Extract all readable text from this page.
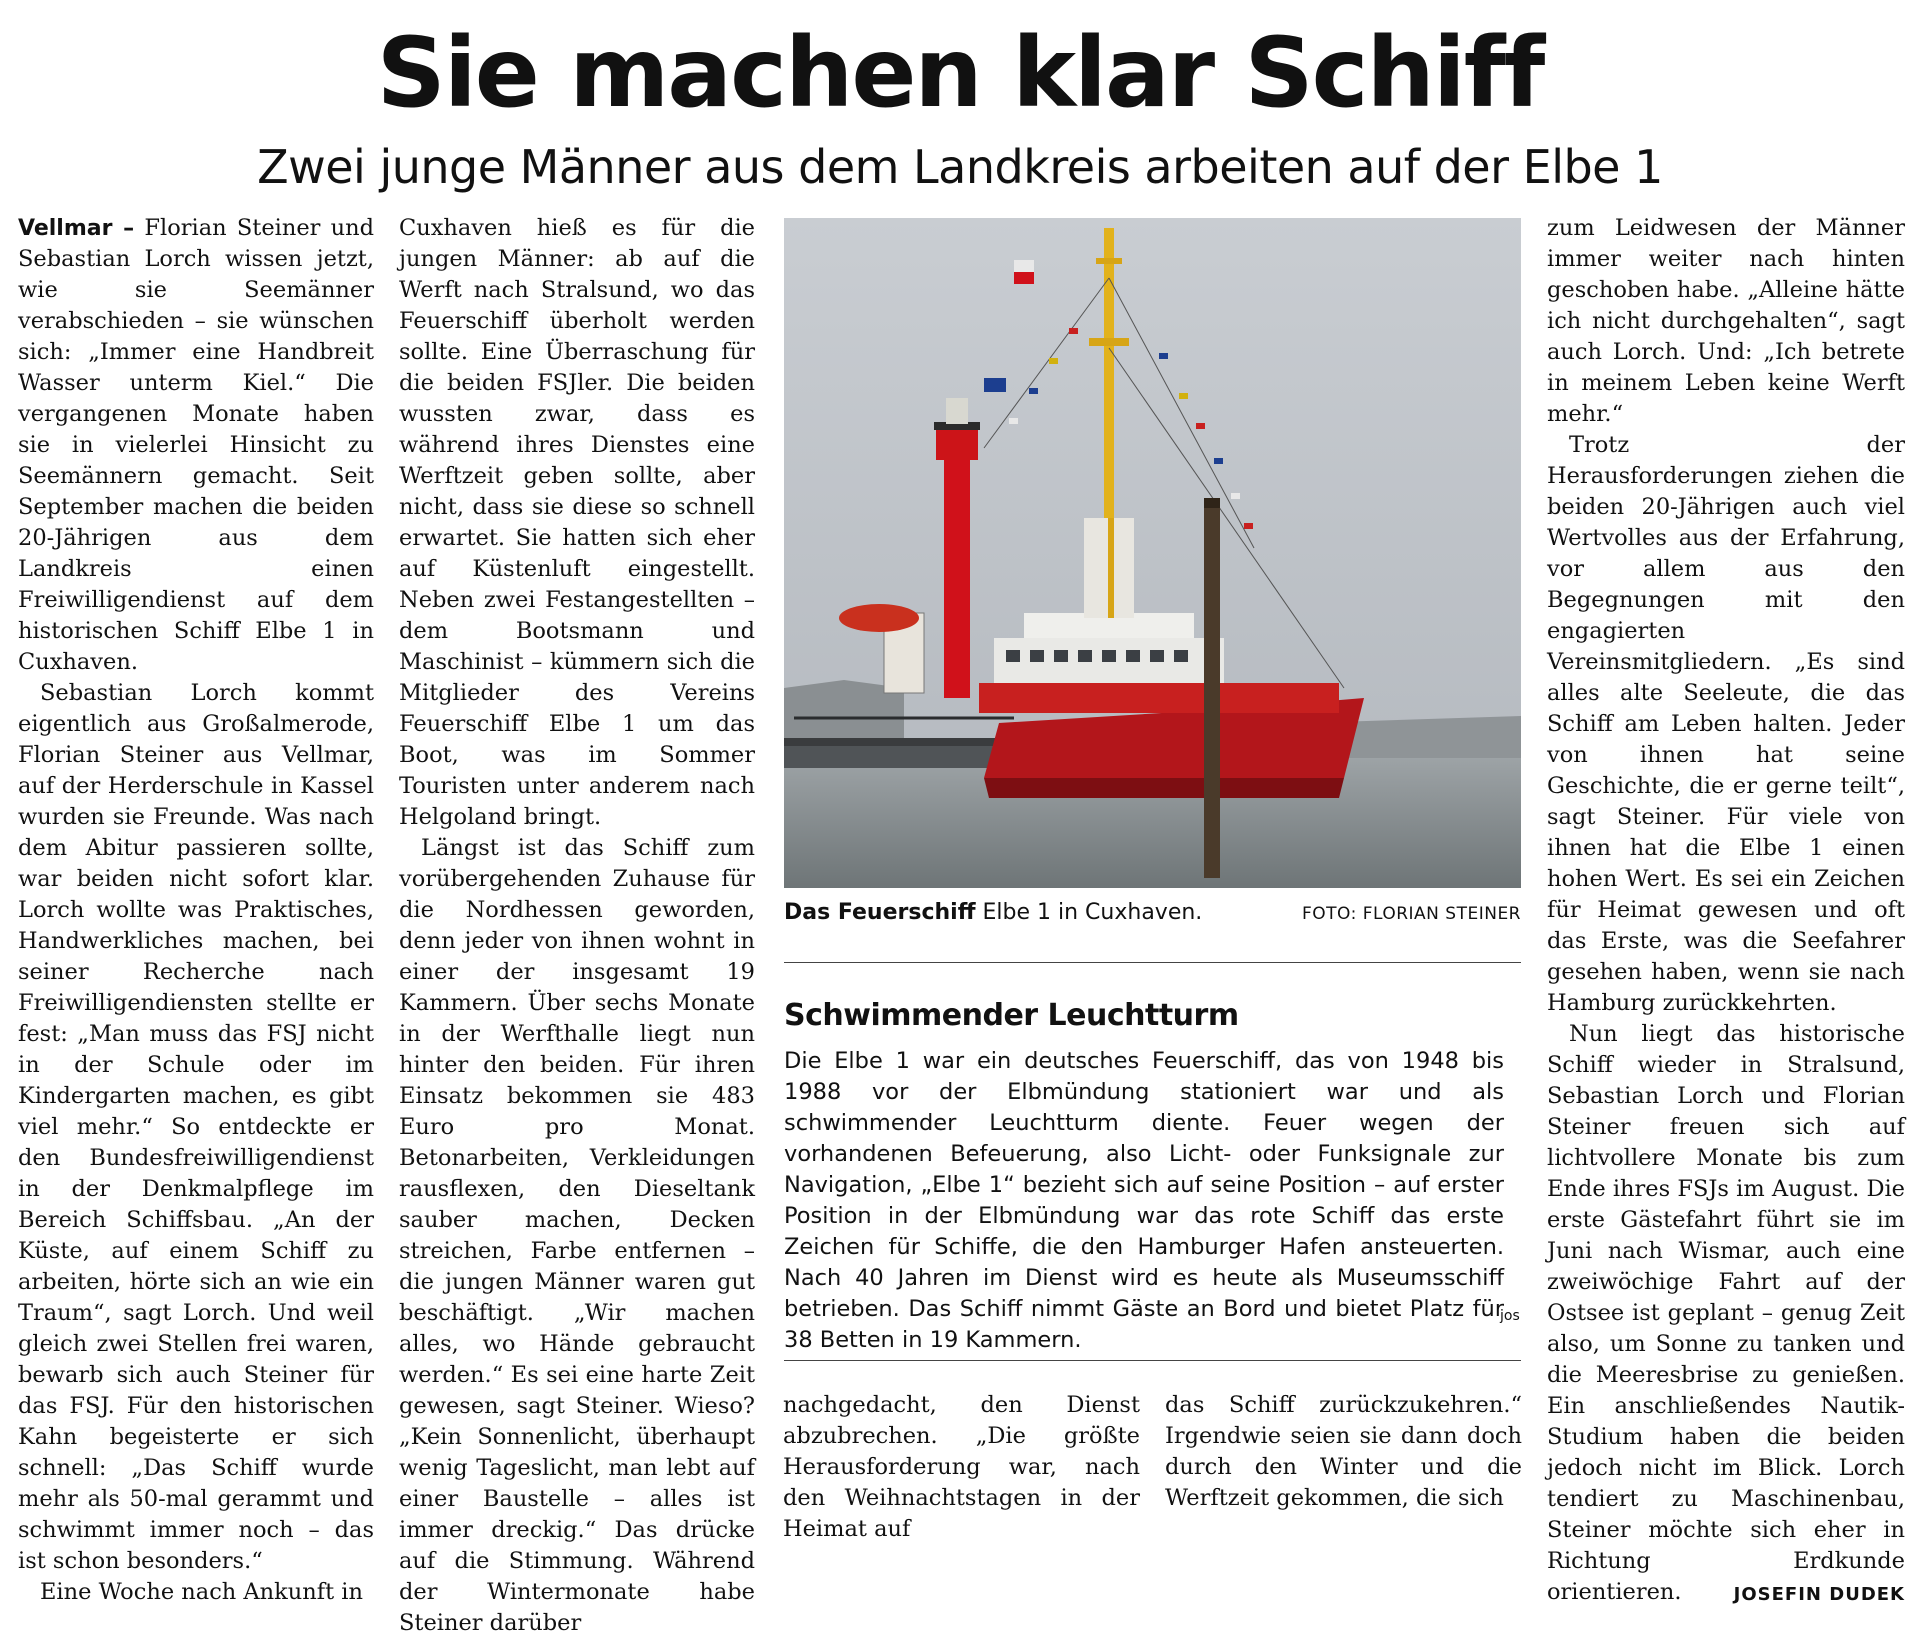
Sie machen klar Schiff
Zwei junge Männer aus dem Landkreis arbeiten auf der Elbe 1

Vellmar – Florian Steiner und Sebastian Lorch wissen jetzt, wie sie Seemänner verabschieden – sie wünschen sich: „Immer eine Handbreit Wasser unterm Kiel.“ Die vergangenen Monate haben sie in vielerlei Hinsicht zu Seemännern gemacht. Seit September machen die beiden 20-Jährigen aus dem Landkreis einen Freiwilligendienst auf dem historischen Schiff Elbe 1 in Cuxhaven.

Sebastian Lorch kommt eigentlich aus Großalmerode, Florian Steiner aus Vellmar, auf der Herderschule in Kassel wurden sie Freunde. Was nach dem Abitur passieren sollte, war beiden nicht sofort klar. Lorch wollte was Praktisches, Handwerkliches machen, bei seiner Recherche nach Freiwilligendiensten stellte er fest: „Man muss das FSJ nicht in der Schule oder im Kindergarten machen, es gibt viel mehr.“ So entdeckte er den Bundesfreiwilligendienst in der Denkmalpflege im Bereich Schiffsbau. „An der Küste, auf einem Schiff zu arbeiten, hörte sich an wie ein Traum“, sagt Lorch. Und weil gleich zwei Stellen frei waren, bewarb sich auch Steiner für das FSJ. Für den historischen Kahn begeisterte er sich schnell: „Das Schiff wurde mehr als 50-mal gerammt und schwimmt immer noch – das ist schon besonders.“

Eine Woche nach Ankunft in

Cuxhaven hieß es für die jungen Männer: ab auf die Werft nach Stralsund, wo das Feuerschiff überholt werden sollte. Eine Überraschung für die beiden FSJler. Die beiden wussten zwar, dass es während ihres Dienstes eine Werftzeit geben sollte, aber nicht, dass sie diese so schnell erwartet. Sie hatten sich eher auf Küstenluft eingestellt. Neben zwei Festangestellten – dem Bootsmann und Maschinist – kümmern sich die Mitglieder des Vereins Feuerschiff Elbe 1 um das Boot, was im Sommer Touristen unter anderem nach Helgoland bringt.

Längst ist das Schiff zum vorübergehenden Zuhause für die Nordhessen geworden, denn jeder von ihnen wohnt in einer der insgesamt 19 Kammern. Über sechs Monate in der Werfthalle liegt nun hinter den beiden. Für ihren Einsatz bekommen sie 483 Euro pro Monat. Betonarbeiten, Verkleidungen rausflexen, den Dieseltank sauber machen, Decken streichen, Farbe entfernen – die jungen Männer waren gut beschäftigt. „Wir machen alles, wo Hände gebraucht werden.“ Es sei eine harte Zeit gewesen, sagt Steiner. Wieso? „Kein Sonnenlicht, überhaupt wenig Tageslicht, man lebt auf einer Baustelle – alles ist immer dreckig.“ Das drücke auf die Stimmung. Während der Wintermonate habe Steiner darüber

Das Feuerschiff Elbe 1 in Cuxhaven.	FOTO: FLORIAN STEINER
Schwimmender Leuchtturm
Die Elbe 1 war ein deutsches Feuerschiff, das von 1948 bis 1988 vor der Elbmündung stationiert war und als schwimmender Leuchtturm diente. Feuer wegen der vorhandenen Befeuerung, also Licht- oder Funksignale zur Navigation, „Elbe 1“ bezieht sich auf seine Position – auf erster Position in der Elbmündung war das rote Schiff das erste Zeichen für Schiffe, die den Hamburger Hafen ansteuerten. Nach 40 Jahren im Dienst wird es heute als Museumsschiff betrieben. Das Schiff nimmt Gäste an Bord und bietet Platz für 38 Betten in 19 Kammern.
jos

nachgedacht, den Dienst abzubrechen. „Die größte Herausforderung war, nach den Weihnachtstagen in der Heimat auf

das Schiff zurückzukehren.“ Irgendwie seien sie dann doch durch den Winter und die Werftzeit gekommen, die sich

zum Leidwesen der Männer immer weiter nach hinten geschoben habe. „Alleine hätte ich nicht durchgehalten“, sagt auch Lorch. Und: „Ich betrete in meinem Leben keine Werft mehr.“

Trotz der Herausforderungen ziehen die beiden 20-Jährigen auch viel Wertvolles aus der Erfahrung, vor allem aus den Begegnungen mit den engagierten Vereinsmitgliedern. „Es sind alles alte Seeleute, die das Schiff am Leben halten. Jeder von ihnen hat seine Geschichte, die er gerne teilt“, sagt Steiner. Für viele von ihnen hat die Elbe 1 einen hohen Wert. Es sei ein Zeichen für Heimat gewesen und oft das Erste, was die Seefahrer gesehen haben, wenn sie nach Hamburg zurückkehrten.

Nun liegt das historische Schiff wieder in Stralsund, Sebastian Lorch und Florian Steiner freuen sich auf lichtvollere Monate bis zum Ende ihres FSJs im August. Die erste Gästefahrt führt sie im Juni nach Wismar, auch eine zweiwöchige Fahrt auf der Ostsee ist geplant – genug Zeit also, um Sonne zu tanken und die Meeresbrise zu genießen. Ein anschließendes Nautik-Studium haben die beiden jedoch nicht im Blick. Lorch tendiert zu Maschinenbau, Steiner möchte sich eher in Richtung Erdkunde orientieren.	JOSEFIN DUDEK
